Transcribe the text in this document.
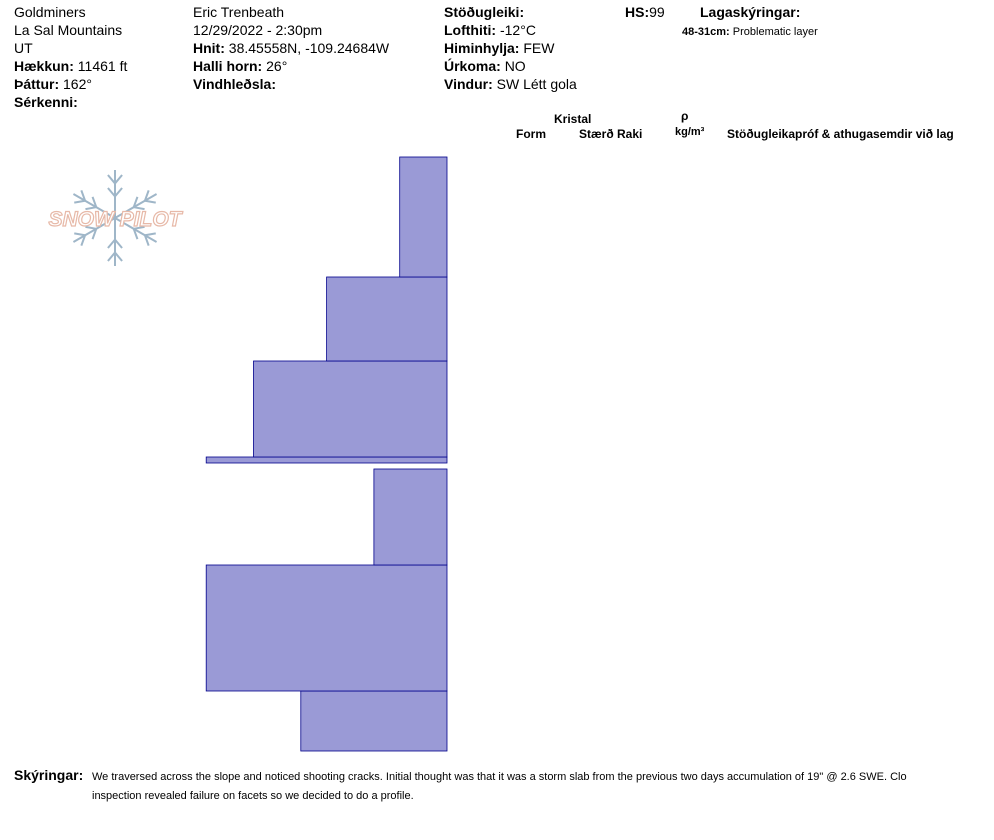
Goldminers
La Sal Mountains
UT
Hækkun: 11461 ft
Þáttur: 162°
Sérkenni:
Eric Trenbeath
12/29/2022 - 2:30pm
Hnit: 38.45558N, -109.24684W
Halli horn: 26°
Vindhleðsla:
Stöðugleiki:
Lofthiti: -12°C
Himinhylja: FEW
Úrkoma: NO
Vindur: SW Létt gola
HS:99	Lagaskýringar:
48-31cm: Problematic layer
Kristal
Form	Stærð Raki
ρ
kg/m³ Stöðugleikapróf & athugasemdir við lag
Skýringar: We traversed across the slope and noticed shooting cracks. Initial thought was that it was a storm slab from the previous two days accumulation of 19" @ 2.6 SWE. Clo
inspection revealed failure on facets so we decided to do a profile.
SNOW PILOT
